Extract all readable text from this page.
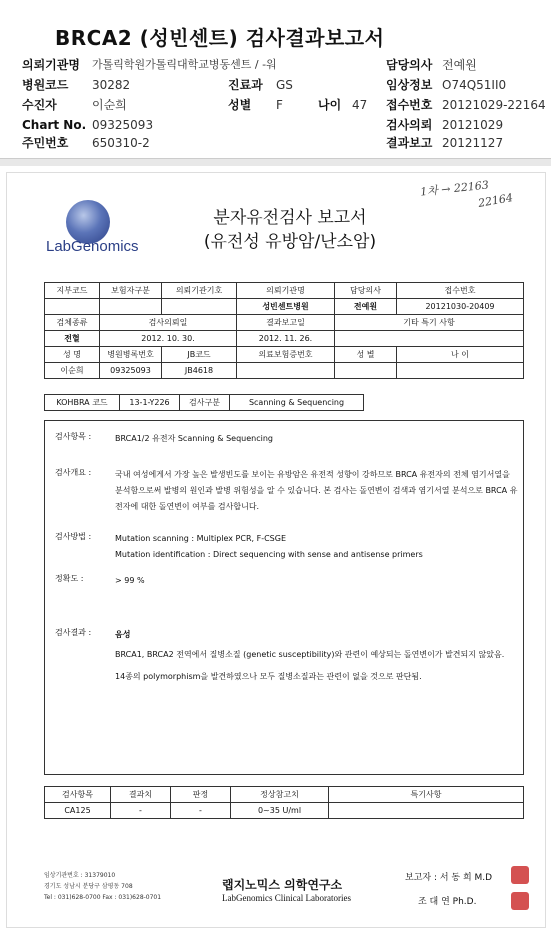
BRCA2 (성빈센트) 검사결과보고서
의뢰기관명 가톨릭학원가톨릭대학교병동센트 / -워	담당의사 전예원
병원코드 30282	진료과 GS	임상정보 O74Q51II0
수진자	이순희	성별 F	나이 47 접수번호 20121029-22164
Chart No. 09325093	검사의뢰 20121029
주민번호 650310-2	결과보고 20121127
LabGenomics
1차 → 22163
22164
분자유전검사 보고서
(유전성 유방암/난소암)
지부코드	보험자구분	의뢰기관기호	의뢰기관명	담당의사	접수번호
			성빈센트병원	전예원	20121030-20409
검체종류	검사의뢰일		결과보고일	기타 특기 사항	
전혈	2012. 10. 30.		2012. 11. 26.		
성 명	병원병록번호	JB코드	의료보험증번호	성 별	나 이
이순희	09325093	JB4618			
KOHBRA 코드	13-1-Y226	검사구분	Scanning & Sequencing
검사항목 :	BRCA1/2 유전자 Scanning & Sequencing
검사개요 :	국내 여성에게서 가장 높은 발생빈도를 보이는 유방암은 유전적 성향이 강하므로 BRCA 유전자의 전체 염기서열을 분석함으로써 발병의 원인과 발병 위험성을 알 수 있습니다. 본 검사는 돌연변이 검색과 염기서열 분석으로 BRCA 유전자에 대한 돌연변이 여부를 검사합니다.
검사방법 :	Mutation scanning : Multiplex PCR, F-CSGE
Mutation identification : Direct sequencing with sense and antisense primers
정확도 :	> 99 %
검사결과 :	음성
BRCA1, BRCA2 전역에서 질병소질 (genetic susceptibility)와 관련이 예상되는 돌연변이가 발견되지 않았음.
14종의 polymorphism을 발견하였으나 모두 질병소질과는 관련이 없을 것으로 판단됨.
검사항목	결과치	판정	정상참고치	특기사항
CA125	-	-	0~35 U/ml	
임상기관번호 : 31379010
경기도 성남시 분당구 삼평동 708
Tel : 031)628-0700 Fax : 031)628-0701
랩지노믹스 의학연구소
LabGenomics Clinical Laboratories
보고자 : 서 동 희 M.D
조 대 연 Ph.D.
